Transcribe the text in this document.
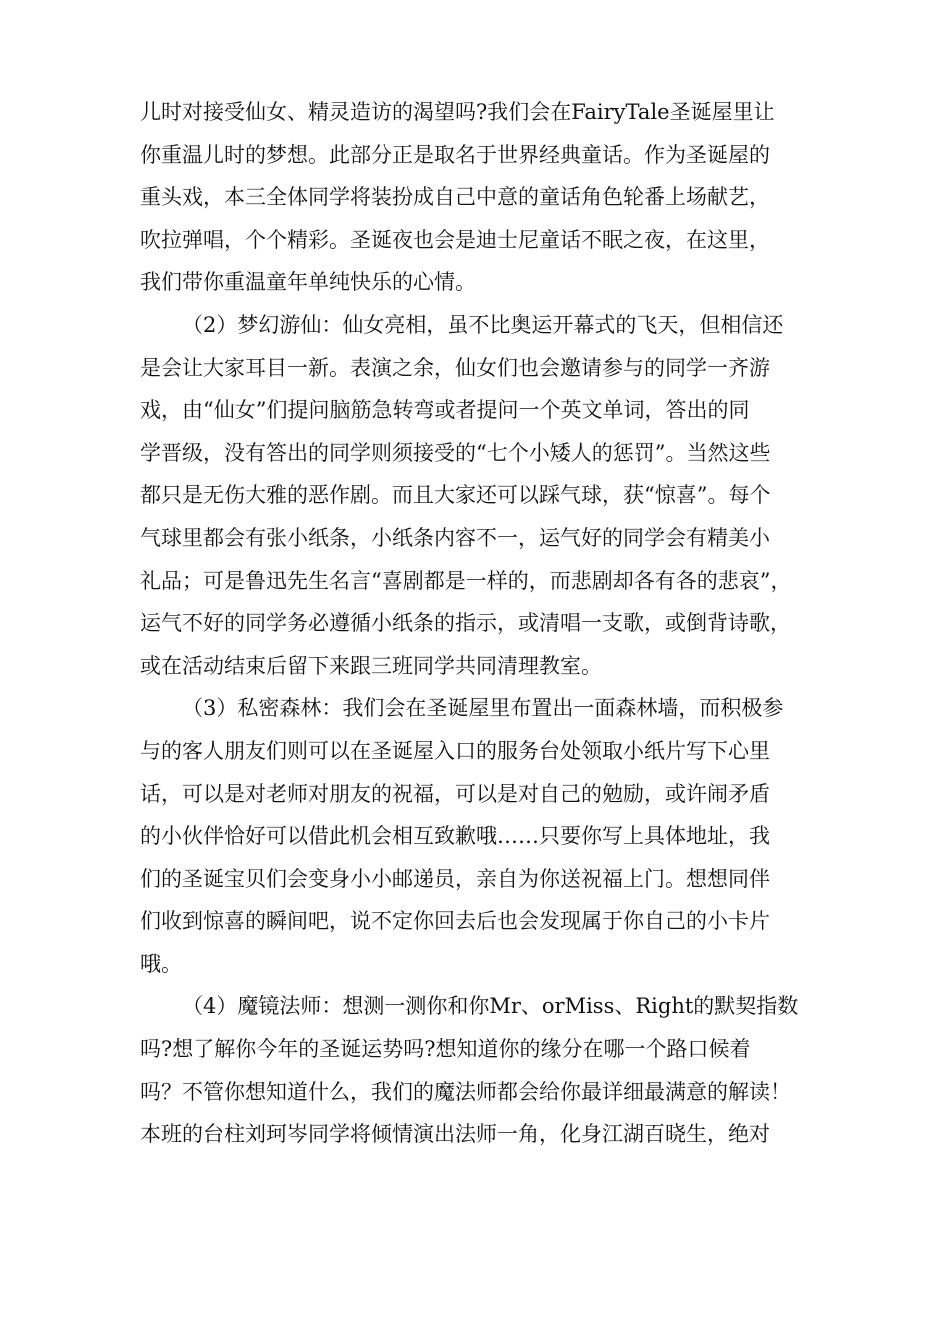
儿时对接受仙女、精灵造访的渴望吗?我们会在FairyTale圣诞屋里让
你重温儿时的梦想。此部分正是取名于世界经典童话。作为圣诞屋的
重头戏，本三全体同学将装扮成自己中意的童话角色轮番上场献艺，
吹拉弹唱，个个精彩。圣诞夜也会是迪士尼童话不眠之夜，在这里，
我们带你重温童年单纯快乐的心情。
（2）梦幻游仙：仙女亮相，虽不比奥运开幕式的飞天，但相信还
是会让大家耳目一新。表演之余，仙女们也会邀请参与的同学一齐游
戏，由“仙女”们提问脑筋急转弯或者提问一个英文单词，答出的同
学晋级，没有答出的同学则须接受的“七个小矮人的惩罚”。当然这些
都只是无伤大雅的恶作剧。而且大家还可以踩气球，获“惊喜”。每个
气球里都会有张小纸条，小纸条内容不一，运气好的同学会有精美小
礼品；可是鲁迅先生名言“喜剧都是一样的，而悲剧却各有各的悲哀”，
运气不好的同学务必遵循小纸条的指示，或清唱一支歌，或倒背诗歌，
或在活动结束后留下来跟三班同学共同清理教室。
（3）私密森林：我们会在圣诞屋里布置出一面森林墙，而积极参
与的客人朋友们则可以在圣诞屋入口的服务台处领取小纸片写下心里
话，可以是对老师对朋友的祝福，可以是对自己的勉励，或许闹矛盾
的小伙伴恰好可以借此机会相互致歉哦……只要你写上具体地址，我
们的圣诞宝贝们会变身小小邮递员，亲自为你送祝福上门。想想同伴
们收到惊喜的瞬间吧，说不定你回去后也会发现属于你自己的小卡片
哦。
（4）魔镜法师：想测一测你和你Mr、orMiss、Right的默契指数
吗?想了解你今年的圣诞运势吗?想知道你的缘分在哪一个路口候着
吗？不管你想知道什么，我们的魔法师都会给你最详细最满意的解读！
本班的台柱刘珂岑同学将倾情演出法师一角，化身江湖百晓生，绝对
